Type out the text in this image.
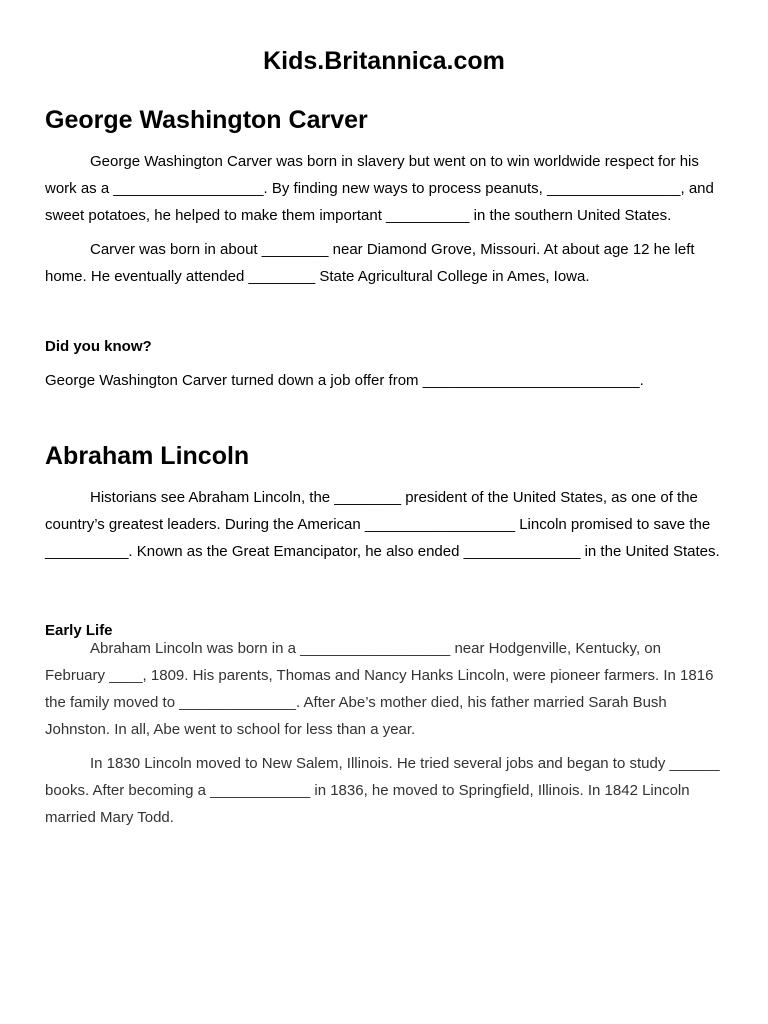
Kids.Britannica.com
George Washington Carver

George Washington Carver was born in slavery but went on to win worldwide respect for his work as a __________________. By finding new ways to process peanuts, ________________, and sweet potatoes, he helped to make them important __________ in the southern United States.

Carver was born in about ________ near Diamond Grove, Missouri. At about age 12 he left home. He eventually attended ________ State Agricultural College in Ames, Iowa.

Did you know?

George Washington Carver turned down a job offer from __________________________.

Abraham Lincoln

Historians see Abraham Lincoln, the ________ president of the United States, as one of the country’s greatest leaders. During the American __________________ Lincoln promised to save the __________. Known as the Great Emancipator, he also ended ______________ in the United States.

Early Life

Abraham Lincoln was born in a __________________ near Hodgenville, Kentucky, on February ____, 1809. His parents, Thomas and Nancy Hanks Lincoln, were pioneer farmers. In 1816 the family moved to ______________. After Abe’s mother died, his father married Sarah Bush Johnston. In all, Abe went to school for less than a year.

In 1830 Lincoln moved to New Salem, Illinois. He tried several jobs and began to study ______ books. After becoming a ____________ in 1836, he moved to Springfield, Illinois. In 1842 Lincoln married Mary Todd.
